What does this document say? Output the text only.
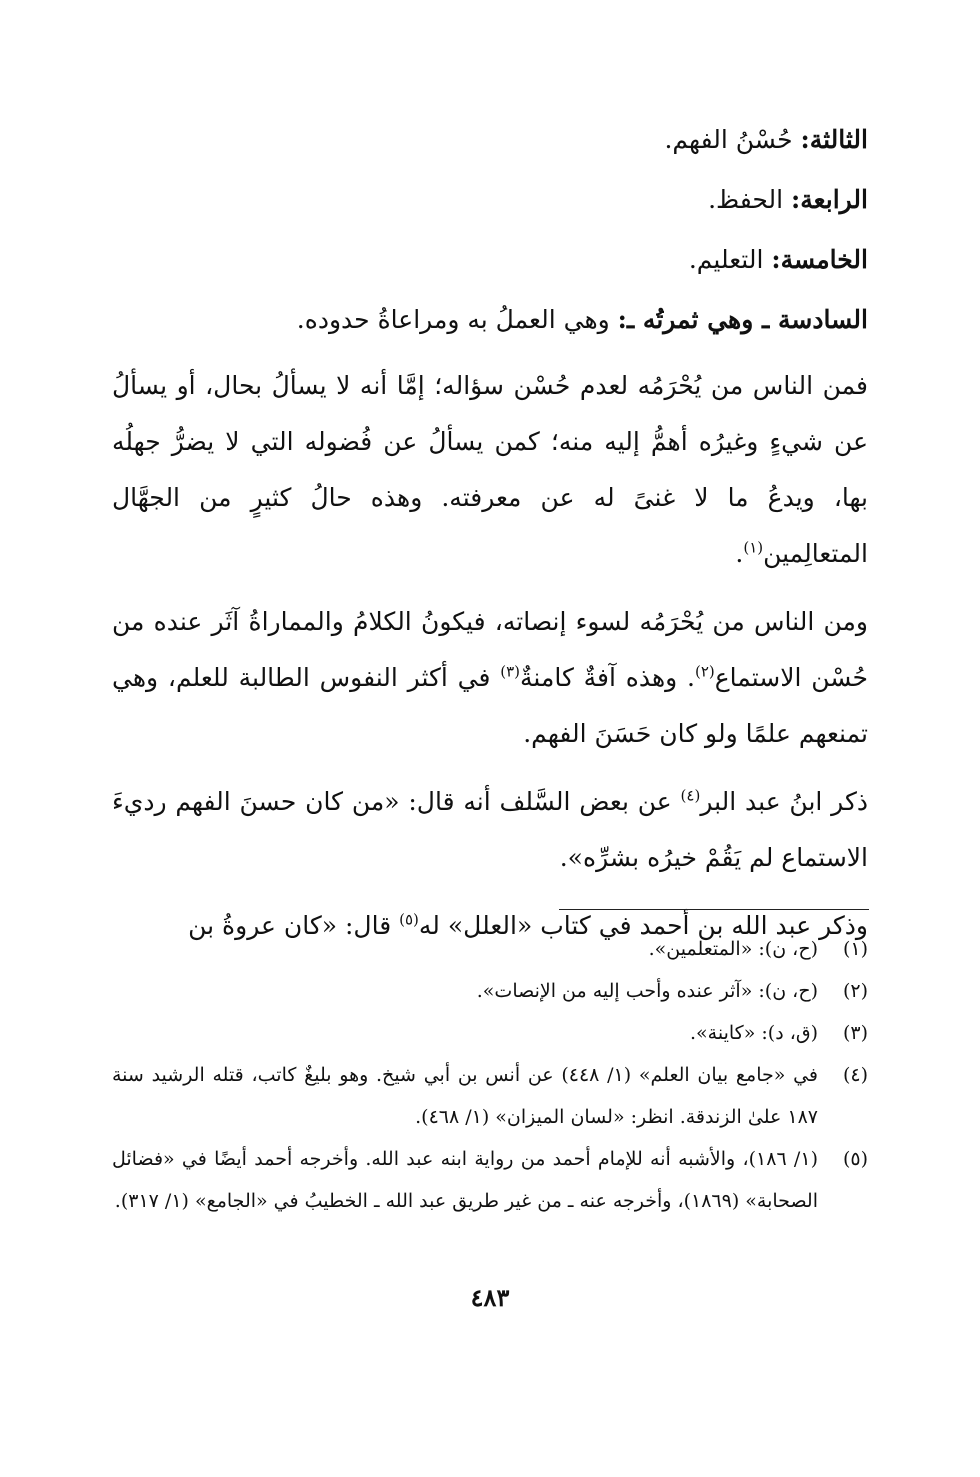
الثالثة: حُسْنُ الفهم.

الرابعة: الحفظ.

الخامسة: التعليم.

السادسة ـ وهي ثمرتُه ـ: وهي العملُ به ومراعاةُ حدوده.

فمن الناس من يُحْرَمُه لعدم حُسْن سؤاله؛ إمَّا أنه لا يسألُ بحال، أو يسألُ عن شيءٍ وغيرُه أهمُّ إليه منه؛ كمن يسألُ عن فُضوله التي لا يضرُّ جهلُه بها، ويدعُ ما لا غنىً له عن معرفته. وهذه حالُ كثيرٍ من الجهَّال المتعالِمين$^{(١)}$.

ومن الناس من يُحْرَمُه لسوء إنصاته، فيكونُ الكلامُ والمماراةُ آثَر عنده من حُسْن الاستماع$^{(٢)}$. وهذه آفةٌ كامنةٌ$^{(٣)}$ في أكثر النفوس الطالبة للعلم، وهي تمنعهم علمًا ولو كان حَسَنَ الفهم.

ذكر ابنُ عبد البر$^{(٤)}$ عن بعض السَّلف أنه قال: «من كان حسنَ الفهم رديءَ الاستماع لم يَقُمْ خيرُه بشرِّه».

وذكر عبد الله بن أحمد في كتاب «العلل» له$^{(٥)}$ قال: «كان عروةُ بن

(١)
(ح، ن): «المتعلمين».

(٢)
(ح، ن): «آثر عنده وأحب إليه من الإنصات».

(٣)
(ق، د): «كاينة».

(٤)
في «جامع بيان العلم» (١/ ٤٤٨) عن أنس بن أبي شيخ. وهو بليغٌ كاتب، قتله الرشيد سنة ١٨٧ علىٰ الزندقة. انظر: «لسان الميزان» (١/ ٤٦٨).

(٥)
(١/ ١٨٦)، والأشبه أنه للإمام أحمد من رواية ابنه عبد الله. وأخرجه أحمد أيضًا في «فضائل الصحابة» (١٨٦٩)، وأخرجه عنه ـ من غير طريق عبد الله ـ الخطيبُ في «الجامع» (١/ ٣١٧).

٤٨٣
